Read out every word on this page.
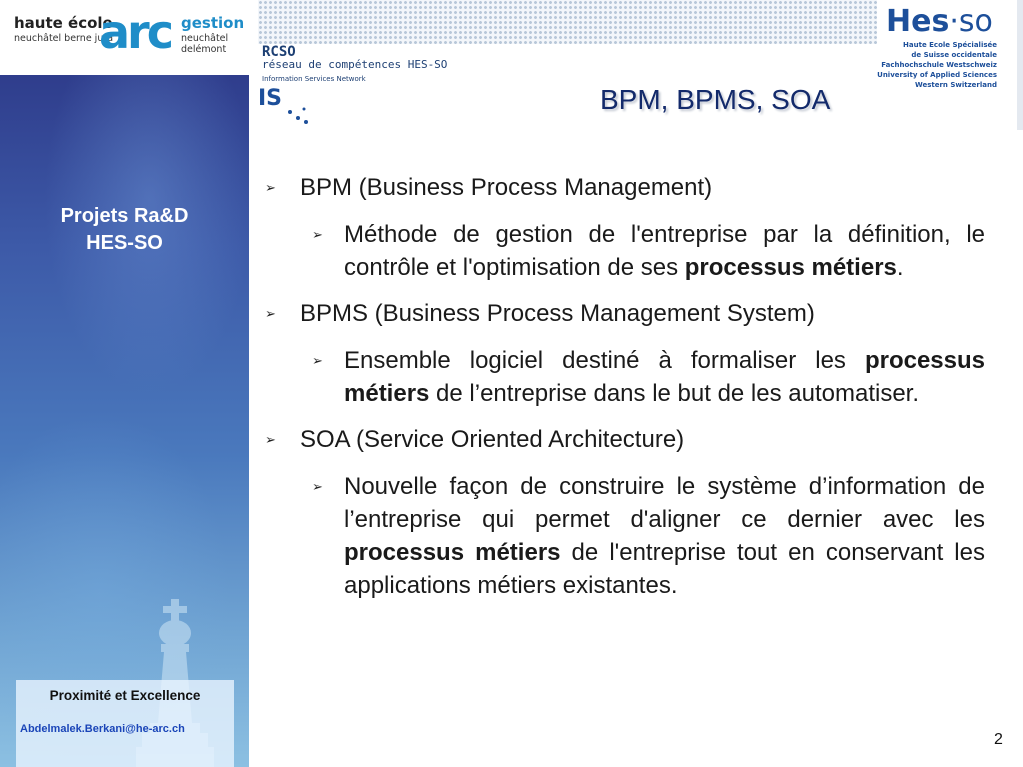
haute école
neuchâtel berne jura
arc gestion
neuchâtel delémont	RCSO
réseau de compétences HES-SO
Information Services Network
IS
Hes·so
Haute Ecole Spécialisée
de Suisse occidentale
Fachhochschule Westschweiz
University of Applied Sciences
Western Switzerland
BPM, BPMS, SOA
Projets Ra&D
HES-SO
Proximité et Excellence
Abdelmalek.Berkani@he-arc.ch
➢ BPM (Business Process Management)
➢ Méthode de gestion de l'entreprise par la définition, le contrôle et l'optimisation de ses processus métiers.
➢ BPMS (Business Process Management System)
➢ Ensemble logiciel destiné à formaliser les processus métiers de l’entreprise dans le but de les automatiser.
➢ SOA (Service Oriented Architecture)
➢ Nouvelle façon de construire le système d’information de l’entreprise qui permet d'aligner ce dernier avec les processus métiers de l'entreprise tout en conservant les applications métiers existantes.
2
